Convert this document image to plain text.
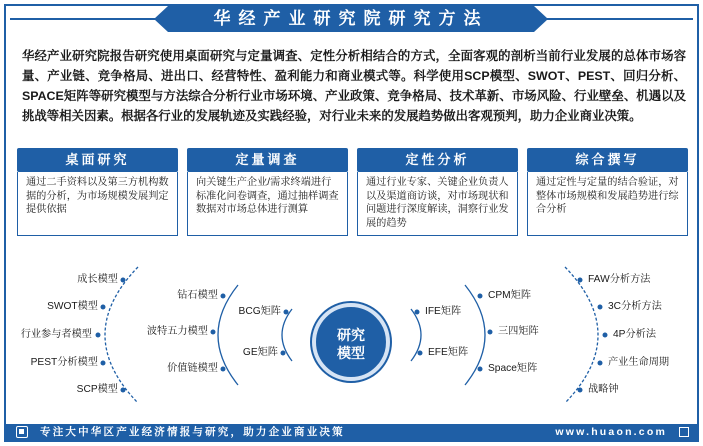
华经产业研究院研究方法
华经产业研究院报告研究使用桌面研究与定量调查、定性分析相结合的方式，全面客观的剖析当前行业发展的总体市场容量、产业链、竞争格局、进出口、经营特性、盈利能力和商业模式等。科学使用SCP模型、SWOT、PEST、回归分析、SPACE矩阵等研究模型与方法综合分析行业市场环境、产业政策、竞争格局、技术革新、市场风险、行业壁垒、机遇以及挑战等相关因素。根据各行业的发展轨迹及实践经验，对行业未来的发展趋势做出客观预判，助力企业商业决策。
桌面研究
通过二手资料以及第三方机构数据的分析，为市场规模发展判定提供依据
定量调查
向关键生产企业/需求终端进行标准化问卷调查，通过抽样调查数据对市场总体进行测算
定性分析
通过行业专家、关键企业负责人以及渠道商访谈，对市场现状和问题进行深度解读，洞察行业发展的趋势
综合撰写
通过定性与定量的结合验证，对整体市场规模和发展趋势进行综合分析
成长模型
SWOT模型
行业参与者模型
PEST分析模型
SCP模型
钻石模型
波特五力模型
价值链模型
BCG矩阵
GE矩阵
研究模型
IFE矩阵
EFE矩阵
CPM矩阵
三四矩阵
Space矩阵
FAW分析方法
3C分析方法
4P分析法
产业生命周期
战略钟
专注大中华区产业经济情报与研究，助力企业商业决策	www.huaon.com
